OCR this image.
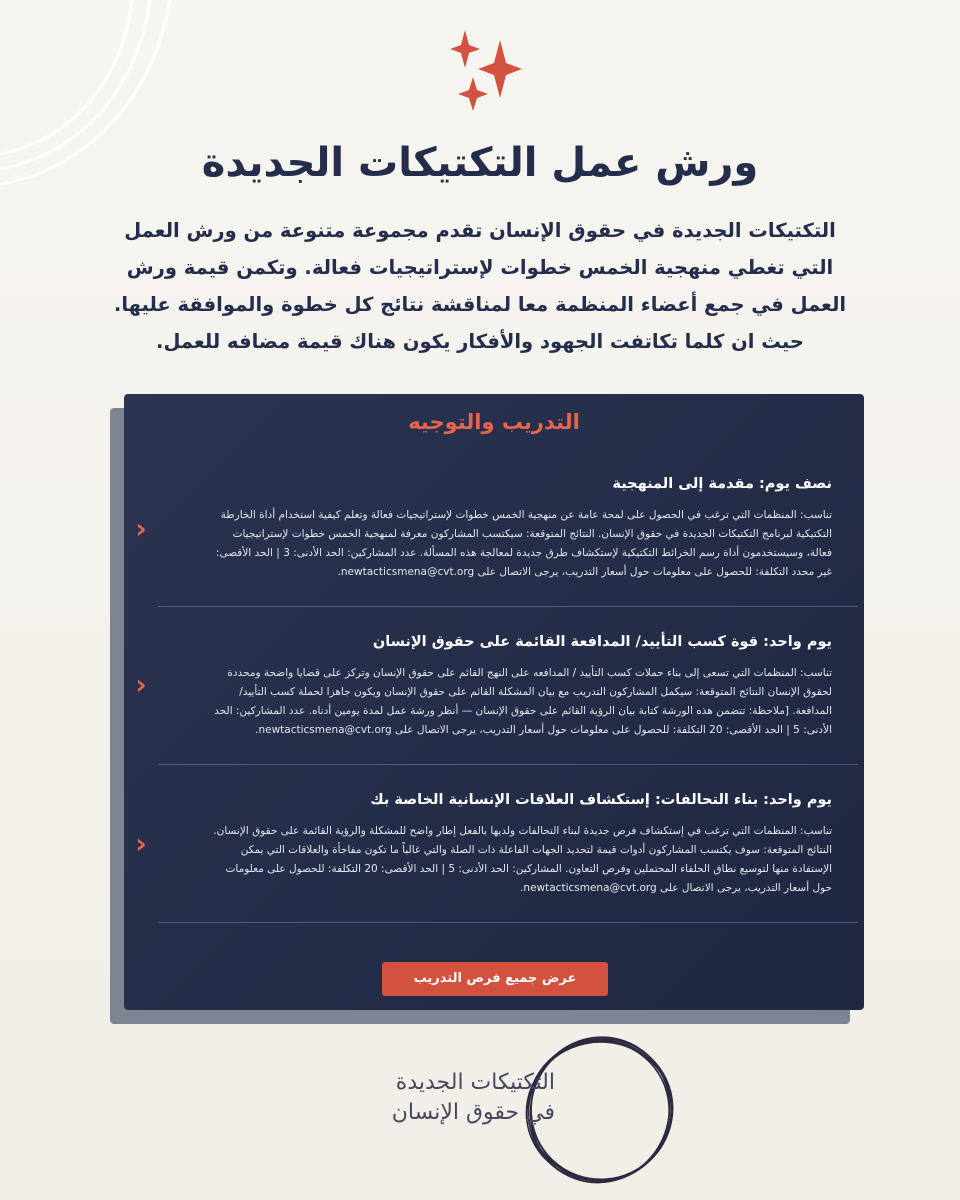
ورش عمل التكتيكات الجديدة

التكتيكات الجديدة في حقوق الإنسان تقدم مجموعة متنوعة من ورش العمل التي تغطي منهجية الخمس خطوات لإستراتيجيات فعالة. وتكمن قيمة ورش العمل في جمع أعضاء المنظمة معا لمناقشة نتائج كل خطوة والموافقة عليها. حيث ان كلما تكاتفت الجهود والأفكار يكون هناك قيمة مضافه للعمل.

التدريب والتوجيه
نصف يوم: مقدمة إلى المنهجية

تناسب: المنظمات التي ترغب في الحصول على لمحة عامة عن منهجية الخمس خطوات لإستراتيجيات فعالة وتعلم كيفية استخدام أداة الخارطة التكتيكية لبرنامج التكتيكات الجديدة في حقوق الإنسان. النتائج المتوقعة: سيكتسب المشاركون معرفة لمنهجية الخمس خطوات لإستراتيجيات فعالة، وسيستخدمون أداة رسم الخرائط التكتيكية لإستكشاف طرق جديدة لمعالجة هذه المسألة. عدد المشاركين: الحد الأدنى: 3 | الحد الأقصى: غير محدد التكلفة: للحصول على معلومات حول أسعار التدريب، يرجى الاتصال على newtacticsmena@cvt.org.

‹
يوم واحد: قوة كسب التأييد/ المدافعة القائمة على حقوق الإنسان

تناسب: المنظمات التي تسعى إلى بناء حملات كسب التأييد / المدافعه على النهج القائم على حقوق الإنسان وتركز على قضايا واضحة ومحددة لحقوق الإنسان النتائج المتوقعة: سيكمل المشاركون التدريب مع بيان المشكلة القائم على حقوق الإنسان ويكون جاهزا لحملة كسب التأييد/المدافعة. [ملاحظة: تتضمن هذه الورشة كتابة بيان الرؤية القائم على حقوق الإنسان — أنظر ورشة عمل لمدة يومين أدناه. عدد المشاركين: الحد الأدنى: 5 | الحد الأقصى: 20 التكلفة: للحصول على معلومات حول أسعار التدريب، يرجى الاتصال على newtacticsmena@cvt.org.

‹
يوم واحد: بناء التحالفات: إستكشاف العلاقات الإنسانية الخاصة بك

تناسب: المنظمات التي ترغب في إستكشاف فرص جديدة لبناء التحالفات ولديها بالفعل إطار واضح للمشكلة والرؤية القائمة على حقوق الإنسان. النتائج المتوقعة: سوف يكتسب المشاركون أدوات قيمة لتحديد الجهات الفاعلة ذات الصلة والتي غالباً ما تكون مفاجأة والعلاقات التي يمكن الإستفادة منها لتوسيع نطاق الحلفاء المحتملين وفرص التعاون. المشاركين: الحد الأدنى: 5 | الحد الأقصى: 20 التكلفة: للحصول على معلومات حول أسعار التدريب، يرجى الاتصال على newtacticsmena@cvt.org.

‹
عرض جميع فرص التدريب
التكتيكات الجديدة
في حقوق الإنسان
